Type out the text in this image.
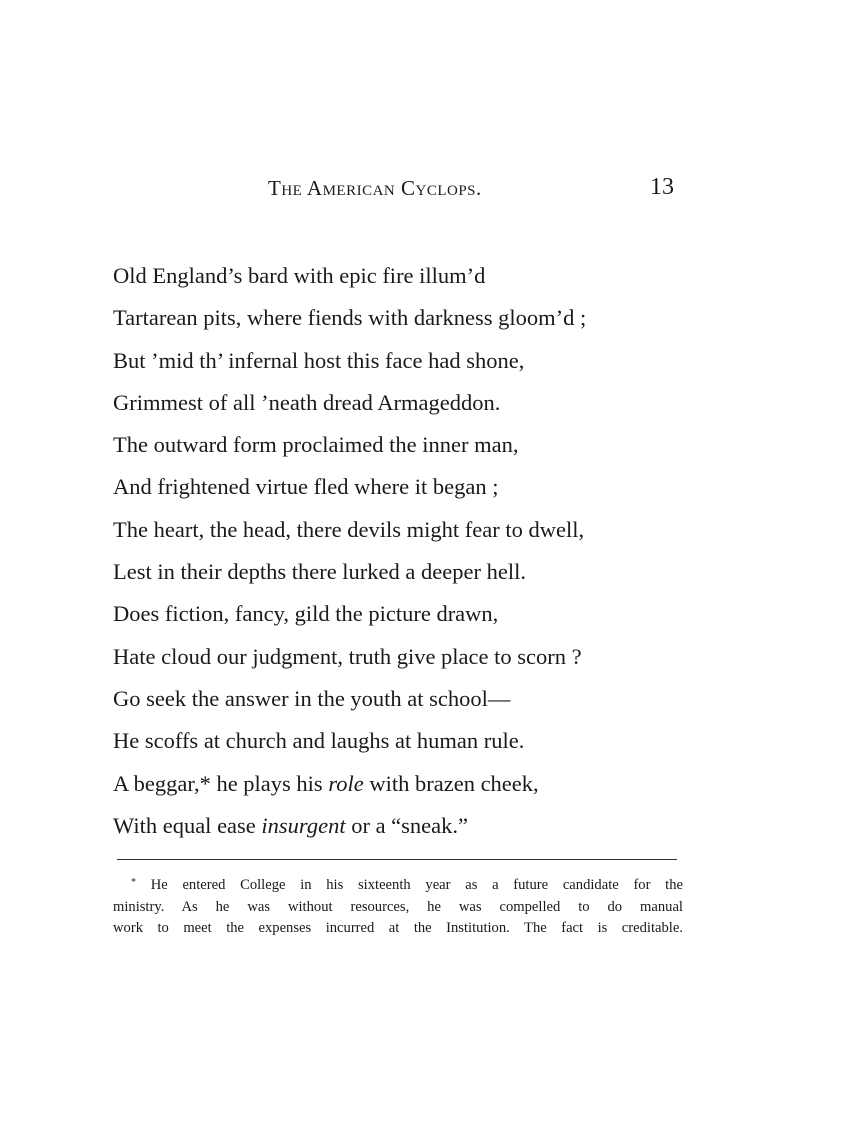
The American Cyclops.	13
Old England’s bard with epic fire illum’d
Tartarean pits, where fiends with darkness gloom’d ;
But ’mid th’ infernal host this face had shone,
Grimmest of all ’neath dread Armageddon.
The outward form proclaimed the inner man,
And frightened virtue fled where it began ;
The heart, the head, there devils might fear to dwell,
Lest in their depths there lurked a deeper hell.
Does fiction, fancy, gild the picture drawn,
Hate cloud our judgment, truth give place to scorn ?
Go seek the answer in the youth at school—
He scoffs at church and laughs at human rule.
A beggar,* he plays his role with brazen cheek,
With equal ease insurgent or a “sneak.”
* He entered College in his sixteenth year as a future candidate for the
ministry. As he was without resources, he was compelled to do manual
work to meet the expenses incurred at the Institution. The fact is creditable.
